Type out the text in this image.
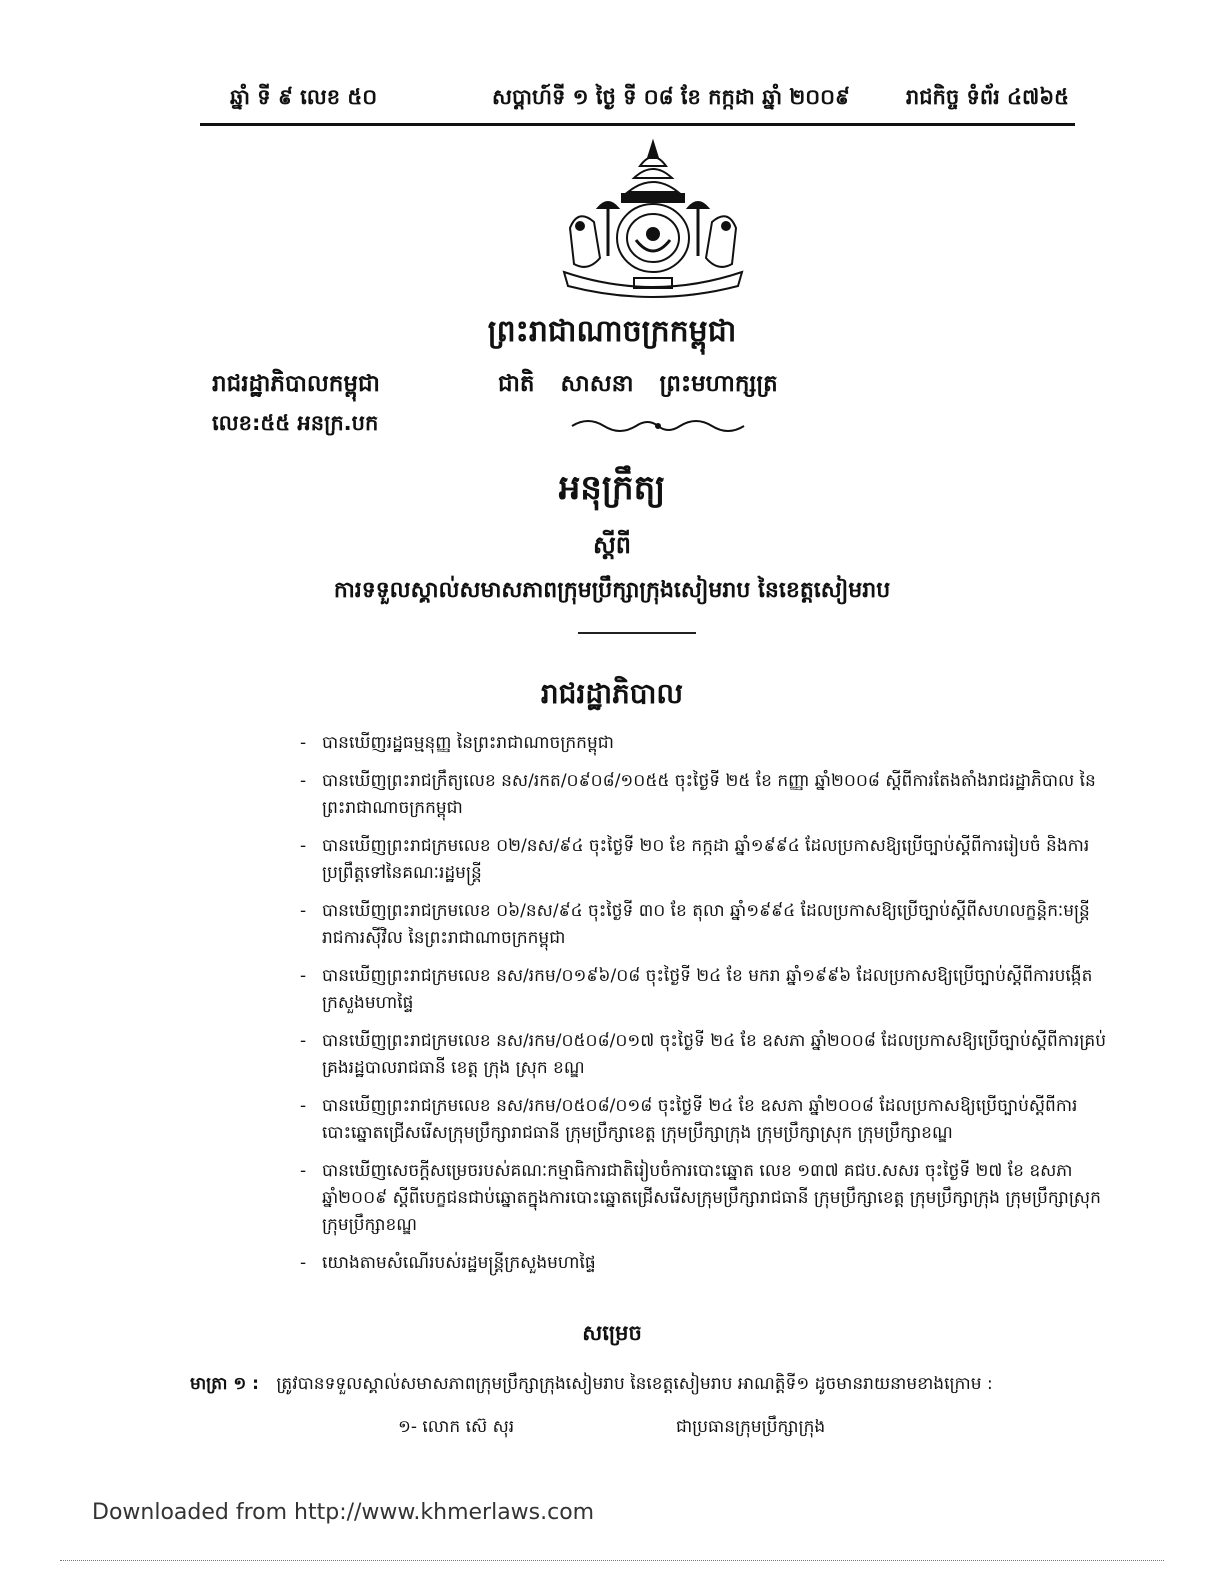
ឆ្នាំ ទី ៩ លេខ ៥០	សប្តាហ៍ទី ១ ថ្ងៃ ទី ០៨ ខែ កក្កដា ឆ្នាំ ២០០៩	រាជកិច្ច ទំព័រ ៤៧៦៥
ព្រះរាជាណាចក្រកម្ពុជា
រាជរដ្ឋាភិបាលកម្ពុជា	ជាតិ សាសនា ព្រះមហាក្សត្រ
លេខ:៥៥ អនក្រ.បក
អនុក្រឹត្យ
ស្តីពី
ការទទួលស្គាល់សមាសភាពក្រុមប្រឹក្សាក្រុងសៀមរាប នៃខេត្តសៀមរាប
រាជរដ្ឋាភិបាល
- បានឃើញរដ្ឋធម្មនុញ្ញ នៃព្រះរាជាណាចក្រកម្ពុជា
- បានឃើញព្រះរាជក្រឹត្យលេខ នស/រកត/០៩០៨/១០៥៥ ចុះថ្ងៃទី ២៥ ខែ កញ្ញា ឆ្នាំ២០០៨ ស្តីពីការតែងតាំងរាជរដ្ឋាភិបាល នៃព្រះរាជាណាចក្រកម្ពុជា
- បានឃើញព្រះរាជក្រមលេខ ០២/នស/៩៤ ចុះថ្ងៃទី ២០ ខែ កក្កដា ឆ្នាំ១៩៩៤ ដែលប្រកាសឱ្យប្រើច្បាប់ស្តីពីការរៀបចំ និងការប្រព្រឹត្តទៅនៃគណៈរដ្ឋមន្ត្រី
- បានឃើញព្រះរាជក្រមលេខ ០៦/នស/៩៤ ចុះថ្ងៃទី ៣០ ខែ តុលា ឆ្នាំ១៩៩៤ ដែលប្រកាសឱ្យប្រើច្បាប់ស្តីពីសហលក្ខន្តិកៈមន្ត្រីរាជការស៊ីវិល នៃព្រះរាជាណាចក្រកម្ពុជា
- បានឃើញព្រះរាជក្រមលេខ នស/រកម/០១៩៦/០៨ ចុះថ្ងៃទី ២៤ ខែ មករា ឆ្នាំ១៩៩៦ ដែលប្រកាសឱ្យប្រើច្បាប់ស្តីពីការបង្កើតក្រសួងមហាផ្ទៃ
- បានឃើញព្រះរាជក្រមលេខ នស/រកម/០៥០៨/០១៧ ចុះថ្ងៃទី ២៤ ខែ ឧសភា ឆ្នាំ២០០៨ ដែលប្រកាសឱ្យប្រើច្បាប់ស្តីពីការគ្រប់គ្រងរដ្ឋបាលរាជធានី ខេត្ត ក្រុង ស្រុក ខណ្ឌ
- បានឃើញព្រះរាជក្រមលេខ នស/រកម/០៥០៨/០១៨ ចុះថ្ងៃទី ២៤ ខែ ឧសភា ឆ្នាំ២០០៨ ដែលប្រកាសឱ្យប្រើច្បាប់ស្តីពីការបោះឆ្នោតជ្រើសរើសក្រុមប្រឹក្សារាជធានី ក្រុមប្រឹក្សាខេត្ត ក្រុមប្រឹក្សាក្រុង ក្រុមប្រឹក្សាស្រុក ក្រុមប្រឹក្សាខណ្ឌ
- បានឃើញសេចក្តីសម្រេចរបស់គណៈកម្មាធិការជាតិរៀបចំការបោះឆ្នោត លេខ ១៣៧ គជប.សសរ ចុះថ្ងៃទី ២៧ ខែ ឧសភា ឆ្នាំ២០០៩ ស្តីពីបេក្ខជនជាប់ឆ្នោតក្នុងការបោះឆ្នោតជ្រើសរើសក្រុមប្រឹក្សារាជធានី ក្រុមប្រឹក្សាខេត្ត ក្រុមប្រឹក្សាក្រុង ក្រុមប្រឹក្សាស្រុក ក្រុមប្រឹក្សាខណ្ឌ
- យោងតាមសំណើរបស់រដ្ឋមន្ត្រីក្រសួងមហាផ្ទៃ
សម្រេច
មាត្រា ១ : ត្រូវបានទទួលស្គាល់សមាសភាពក្រុមប្រឹក្សាក្រុងសៀមរាប នៃខេត្តសៀមរាប អាណត្តិទី១ ដូចមានរាយនាមខាងក្រោម :
១- លោក ស៊េ សុរ	ជាប្រធានក្រុមប្រឹក្សាក្រុង
Downloaded from http://www.khmerlaws.com
